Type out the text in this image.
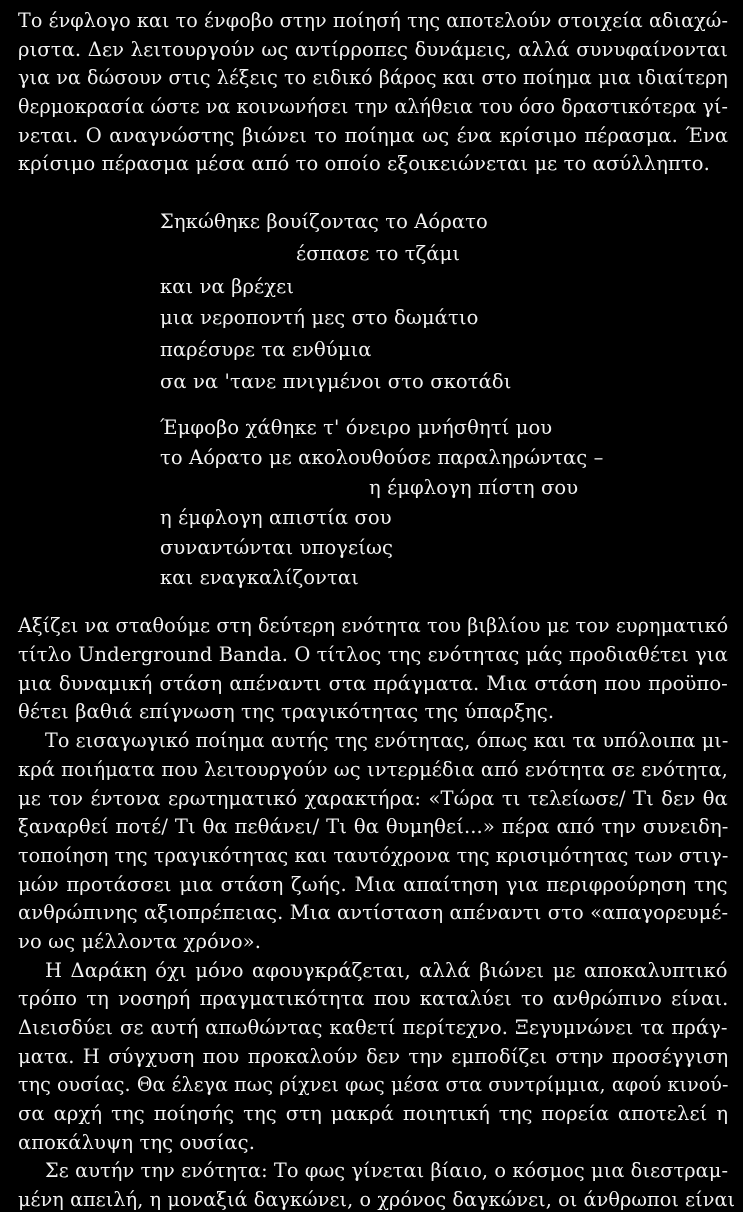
Το ένφλογο και το ένφοβο στην ποίησή της αποτελούν στοιχεία αδιαχώ-
ριστα. Δεν λειτουργούν ως αντίρροπες δυνάμεις, αλλά συνυφαίνονται
για να δώσουν στις λέξεις το ειδικό βάρος και στο ποίημα μια ιδιαίτερη
θερμοκρασία ώστε να κοινωνήσει την αλήθεια του όσο δραστικότερα γί-
νεται. Ο αναγνώστης βιώνει το ποίημα ως ένα κρίσιμο πέρασμα. Ένα
κρίσιμο πέρασμα μέσα από το οποίο εξοικειώνεται με το ασύλληπτο.
Σηκώθηκε βουίζοντας το Αόρατο
έσπασε το τζάμι
και να βρέχει
μια νεροποντή μες στο δωμάτιο
παρέσυρε τα ενθύμια
σα να 'τανε πνιγμένοι στο σκοτάδι
Έμφοβο χάθηκε τ' όνειρο μνήσθητί μου
το Αόρατο με ακολουθούσε παραληρώντας –
η έμφλογη πίστη σου
η έμφλογη απιστία σου
συναντώνται υπογείως
και εναγκαλίζονται
Αξίζει να σταθούμε στη δεύτερη ενότητα του βιβλίου με τον ευρηματικό
τίτλο Underground Banda. Ο τίτλος της ενότητας μάς προδιαθέτει για
μια δυναμική στάση απέναντι στα πράγματα. Μια στάση που προϋπο-
θέτει βαθιά επίγνωση της τραγικότητας της ύπαρξης.
Το εισαγωγικό ποίημα αυτής της ενότητας, όπως και τα υπόλοιπα μι-
κρά ποιήματα που λειτουργούν ως ιντερμέδια από ενότητα σε ενότητα,
με τον έντονα ερωτηματικό χαρακτήρα: «Τώρα τι τελείωσε/ Τι δεν θα
ξαναρθεί ποτέ/ Τι θα πεθάνει/ Τι θα θυμηθεί...» πέρα από την συνειδη-
τοποίηση της τραγικότητας και ταυτόχρονα της κρισιμότητας των στιγ-
μών προτάσσει μια στάση ζωής. Μια απαίτηση για περιφρούρηση της
ανθρώπινης αξιοπρέπειας. Μια αντίσταση απέναντι στο «απαγορευμέ-
νο ως μέλλοντα χρόνο».
Η Δαράκη όχι μόνο αφουγκράζεται, αλλά βιώνει με αποκαλυπτικό
τρόπο τη νοσηρή πραγματικότητα που καταλύει το ανθρώπινο είναι.
Διεισδύει σε αυτή απωθώντας καθετί περίτεχνο. Ξεγυμνώνει τα πράγ-
ματα. Η σύγχυση που προκαλούν δεν την εμποδίζει στην προσέγγιση
της ουσίας. Θα έλεγα πως ρίχνει φως μέσα στα συντρίμμια, αφού κινού-
σα αρχή της ποίησής της στη μακρά ποιητική της πορεία αποτελεί η
αποκάλυψη της ουσίας.
Σε αυτήν την ενότητα: Το φως γίνεται βίαιο, ο κόσμος μια διεστραμ-
μένη απειλή, η μοναξιά δαγκώνει, ο χρόνος δαγκώνει, οι άνθρωποι είναι
